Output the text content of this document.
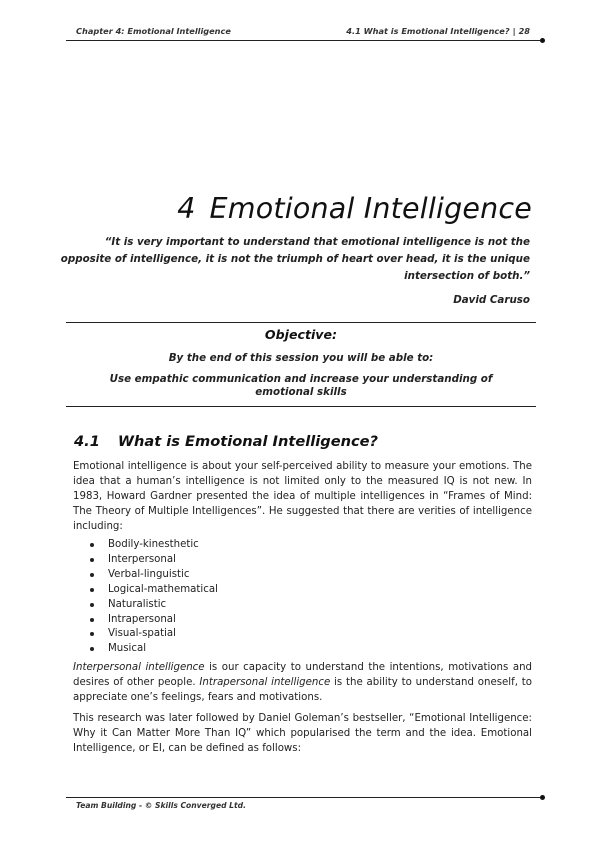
Chapter 4: Emotional Intelligence	4.1 What is Emotional Intelligence? | 28
4 Emotional Intelligence
“It is very important to understand that emotional intelligence is not the opposite of intelligence, it is not the triumph of heart over head, it is the unique intersection of both.”
David Caruso
Objective:
By the end of this session you will be able to:
Use empathic communication and increase your understanding of emotional skills
4.1 What is Emotional Intelligence?
Emotional intelligence is about your self-perceived ability to measure your emotions. The idea that a human’s intelligence is not limited only to the measured IQ is not new. In 1983, Howard Gardner presented the idea of multiple intelligences in “Frames of Mind: The Theory of Multiple Intelligences”. He suggested that there are verities of intelligence including:
Bodily-kinesthetic
Interpersonal
Verbal-linguistic
Logical-mathematical
Naturalistic
Intrapersonal
Visual-spatial
Musical
Interpersonal intelligence is our capacity to understand the intentions, motivations and desires of other people. Intrapersonal intelligence is the ability to understand oneself, to appreciate one’s feelings, fears and motivations.
This research was later followed by Daniel Goleman’s bestseller, “Emotional Intelligence: Why it Can Matter More Than IQ” which popularised the term and the idea. Emotional Intelligence, or EI, can be defined as follows:
Team Building - © Skills Converged Ltd.
